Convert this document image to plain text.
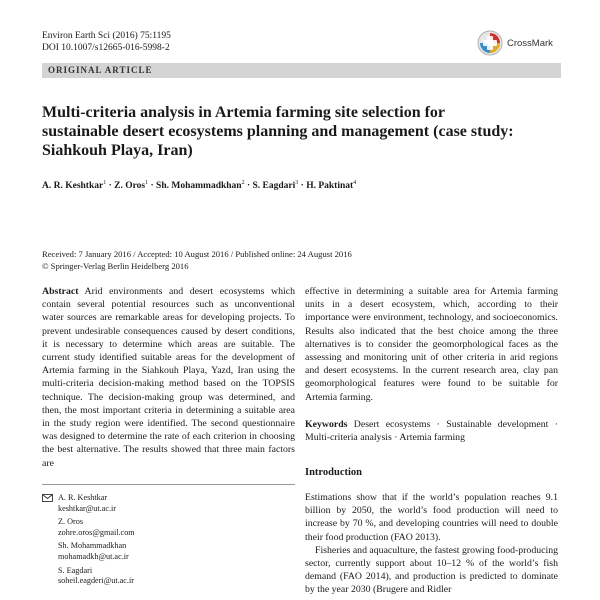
Environ Earth Sci (2016) 75:1195
DOI 10.1007/s12665-016-5998-2	CrossMark
ORIGINAL ARTICLE
Multi-criteria analysis in Artemia farming site selection for sustainable desert ecosystems planning and management (case study: Siahkouh Playa, Iran)
A. R. Keshtkar$^1$ · Z. Oros$^1$ · Sh. Mohammadkhan$^2$ · S. Eagdari$^3$ · H. Paktinat$^4$
Received: 7 January 2016 / Accepted: 10 August 2016 / Published online: 24 August 2016
© Springer-Verlag Berlin Heidelberg 2016
Abstract Arid environments and desert ecosystems which contain several potential resources such as unconventional water sources are remarkable areas for developing projects. To prevent undesirable consequences caused by desert conditions, it is necessary to determine which areas are suitable. The current study identified suitable areas for the development of Artemia farming in the Siahkouh Playa, Yazd, Iran using the multi-criteria decision-making method based on the TOPSIS technique. The decision-making group was determined, and then, the most important criteria in determining a suitable area in the study region were identified. The second questionnaire was designed to determine the rate of each criterion in choosing the best alternative. The results showed that three main factors are
effective in determining a suitable area for Artemia farming units in a desert ecosystem, which, according to their importance were environment, technology, and socioeconomics. Results also indicated that the best choice among the three alternatives is to consider the geomorphological faces as the assessing and monitoring unit of other criteria in arid regions and desert ecosystems. In the current research area, clay pan geomorphological features were found to be suitable for Artemia farming.
Keywords Desert ecosystems · Sustainable development · Multi-criteria analysis · Artemia farming
Introduction

Estimations show that if the world’s population reaches 9.1 billion by 2050, the world’s food production will need to increase by 70 %, and developing countries will need to double their food production (FAO 2013).

Fisheries and aquaculture, the fastest growing food-producing sector, currently support about 10–12 % of the world’s fish demand (FAO 2014), and production is predicted to dominate by the year 2030 (Brugere and Ridler

A. R. Keshtkar
keshtkar@ut.ac.ir
Z. Oros
zohre.oros@gmail.com
Sh. Mohammadkhan
mohamadkh@ut.ac.ir
S. Eagdari
soheil.eagderi@ut.ac.ir
